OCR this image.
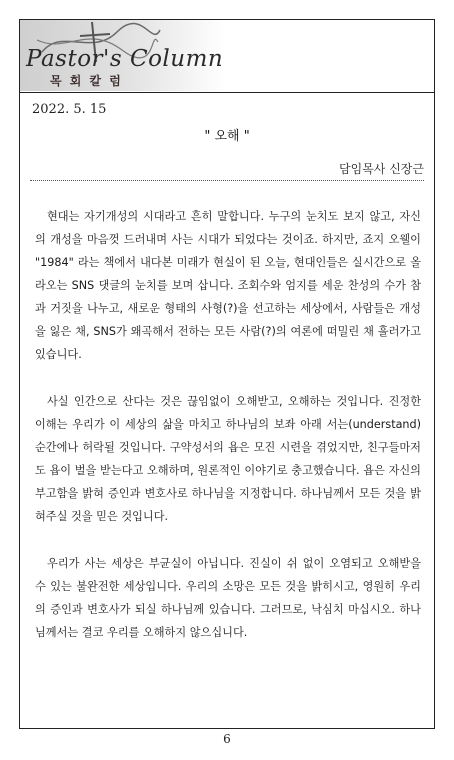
Pastor's Column
목 회 칼 럼
2022. 5. 15
" 오해 "
담임목사 신장근

현대는 자기개성의 시대라고 흔히 말합니다. 누구의 눈치도 보지 않고, 자신의 개성을 마음껏 드러내며 사는 시대가 되었다는 것이죠. 하지만, 죠지 오웰이 "1984" 라는 책에서 내다본 미래가 현실이 된 오늘, 현대인들은 실시간으로 올라오는 SNS 댓글의 눈치를 보며 삽니다. 조회수와 엄지를 세운 찬성의 수가 참과 거짓을 나누고, 새로운 형태의 사형(?)을 선고하는 세상에서, 사람들은 개성을 잃은 채, SNS가 왜곡해서 전하는 모든 사람(?)의 여론에 떠밀린 채 흘러가고 있습니다.

사실 인간으로 산다는 것은 끊임없이 오해받고, 오해하는 것입니다. 진정한 이해는 우리가 이 세상의 삶을 마치고 하나님의 보좌 아래 서는(understand) 순간에나 허락될 것입니다. 구약성서의 욥은 모진 시련을 겪었지만, 친구들마저도 욥이 벌을 받는다고 오해하며, 원론적인 이야기로 충고했습니다. 욥은 자신의 부고함을 밝혀 증인과 변호사로 하나님을 지정합니다. 하나님께서 모든 것을 밝혀주실 것을 믿은 것입니다.

우리가 사는 세상은 부균실이 아닙니다. 진실이 쉬 없이 오염되고 오해받을 수 있는 불완전한 세상입니다. 우리의 소망은 모든 것을 밝히시고, 영원히 우리의 증인과 변호사가 되실 하나님께 있습니다. 그러므로, 낙심치 마십시오. 하나님께서는 결코 우리를 오해하지 않으십니다.

6
